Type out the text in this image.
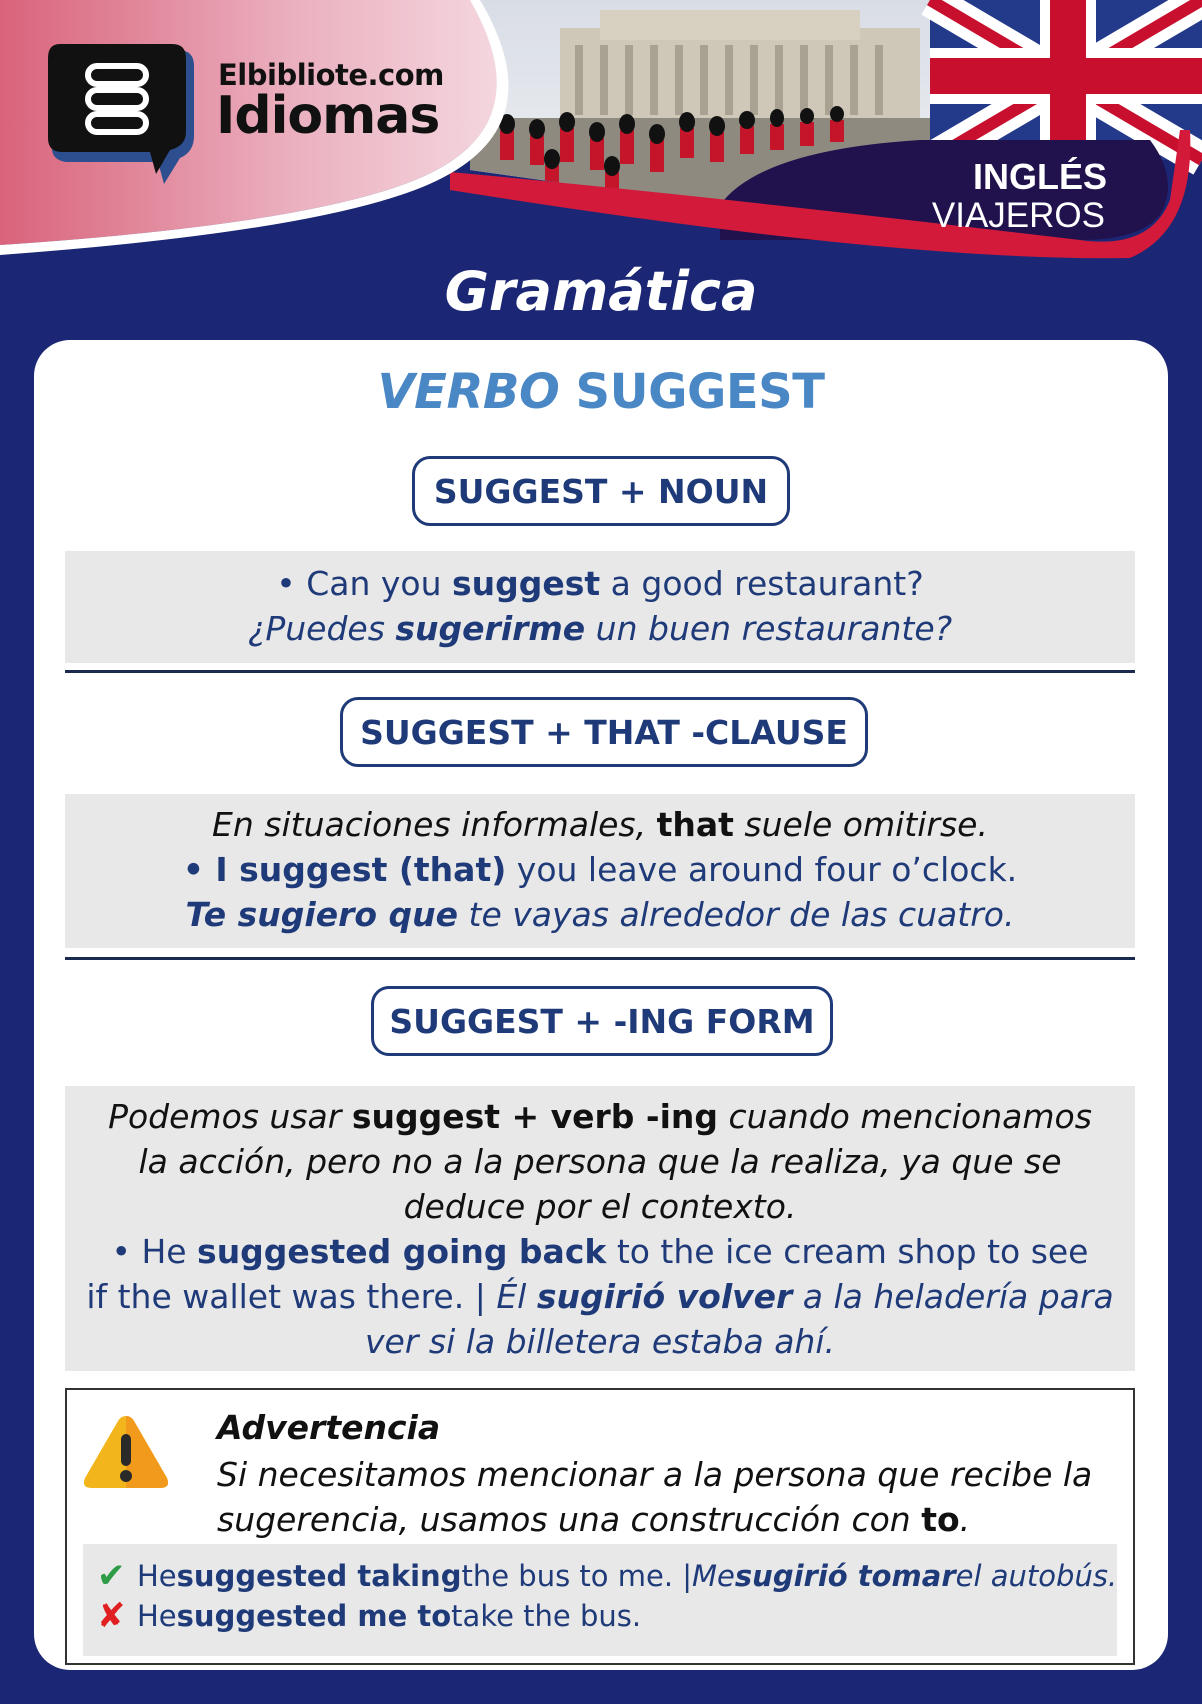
Elbibliote.com
Idiomas
INGLÉS
VIAJEROS
Gramática
VERBO SUGGEST
SUGGEST + NOUN
• Can you suggest a good restaurant?
¿Puedes sugerirme un buen restaurante?
SUGGEST + THAT -CLAUSE
En situaciones informales, that suele omitirse.
• I suggest (that) you leave around four o’clock.
Te sugiero que te vayas alrededor de las cuatro.
SUGGEST + -ING FORM
Podemos usar suggest + verb -ing cuando mencionamos
la acción, pero no a la persona que la realiza, ya que se
deduce por el contexto.
• He suggested going back to the ice cream shop to see
if the wallet was there. | Él sugirió volver a la heladería para
ver si la billetera estaba ahí.
Advertencia
Si necesitamos mencionar a la persona que recibe la
sugerencia, usamos una construcción con to.
✔ He suggested taking the bus to me. | Me sugirió tomar el autobús.
✘ He suggested me to take the bus.
